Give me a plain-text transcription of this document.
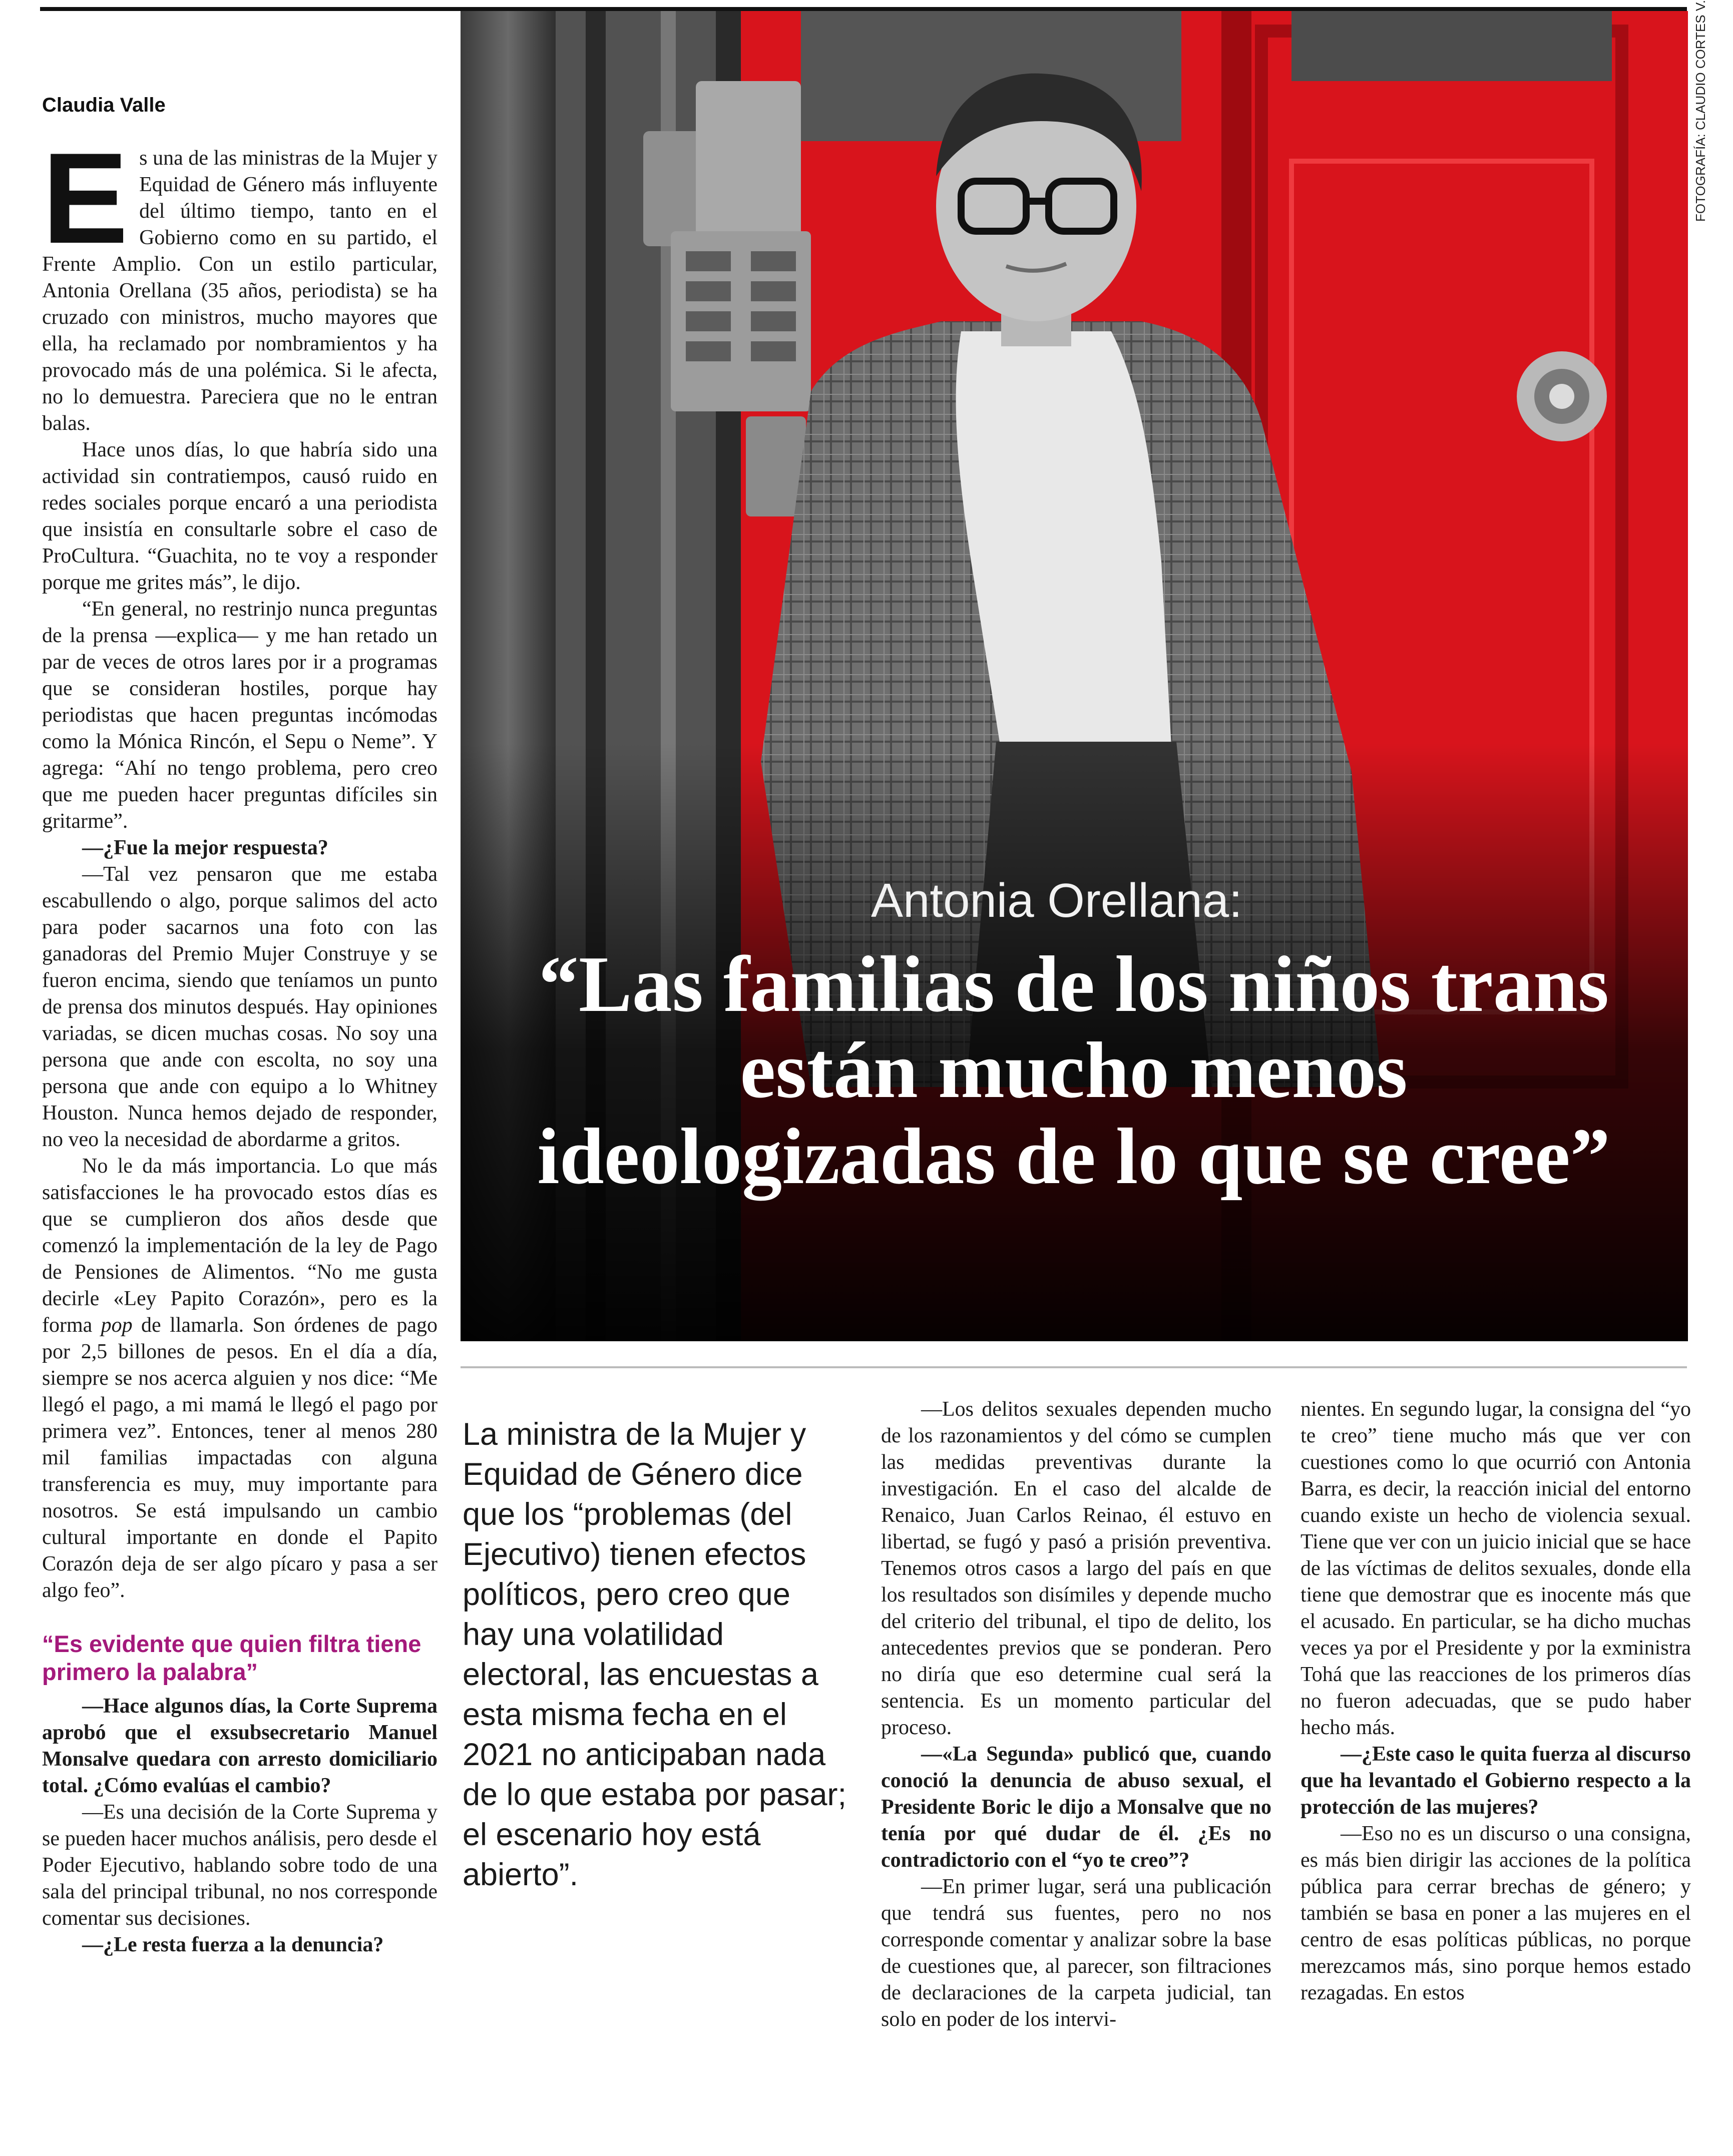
Claudia Valle

Es una de las ministras de la Mujer y Equidad de Género más influyente del último tiempo, tanto en el Gobierno como en su partido, el Frente Amplio. Con un estilo particular, Antonia Orellana (35 años, periodista) se ha cruzado con ministros, mucho mayores que ella, ha reclamado por nombramientos y ha provocado más de una polémica. Si le afecta, no lo demuestra. Pareciera que no le entran balas.

Hace unos días, lo que habría sido una actividad sin contratiempos, causó ruido en redes sociales porque encaró a una periodista que insistía en consultarle sobre el caso de ProCultura. “Guachita, no te voy a responder porque me grites más”, le dijo.

“En general, no restrinjo nunca preguntas de la prensa —explica— y me han retado un par de veces de otros lares por ir a programas que se consideran hostiles, porque hay periodistas que hacen preguntas incómodas como la Mónica Rincón, el Sepu o Neme”. Y agrega: “Ahí no tengo problema, pero creo que me pueden hacer preguntas difíciles sin gritarme”.

—¿Fue la mejor respuesta?

—Tal vez pensaron que me estaba escabullendo o algo, porque salimos del acto para poder sacarnos una foto con las ganadoras del Premio Mujer Construye y se fueron encima, siendo que teníamos un punto de prensa dos minutos después. Hay opiniones variadas, se dicen muchas cosas. No soy una persona que ande con escolta, no soy una persona que ande con equipo a lo Whitney Houston. Nunca hemos dejado de responder, no veo la necesidad de abordarme a gritos.

No le da más importancia. Lo que más satisfacciones le ha provocado estos días es que se cumplieron dos años desde que comenzó la implementación de la ley de Pago de Pensiones de Alimentos. “No me gusta decirle «Ley Papito Corazón», pero es la forma pop de llamarla. Son órdenes de pago por 2,5 billones de pesos. En el día a día, siempre se nos acerca alguien y nos dice: “Me llegó el pago, a mi mamá le llegó el pago por primera vez”. Entonces, tener al menos 280 mil familias impactadas con alguna transferencia es muy, muy importante para nosotros. Se está impulsando un cambio cultural importante en donde el Papito Corazón deja de ser algo pícaro y pasa a ser algo feo”.

“Es evidente que quien filtra tiene primero la palabra”

—Hace algunos días, la Corte Suprema aprobó que el exsubsecretario Manuel Monsalve quedara con arresto domiciliario total. ¿Cómo evalúas el cambio?

—Es una decisión de la Corte Suprema y se pueden hacer muchos análisis, pero desde el Poder Ejecutivo, hablando sobre todo de una sala del principal tribunal, no nos corresponde comentar sus decisiones.

—¿Le resta fuerza a la denuncia?

FOTOGRAFÍA: CLAUDIO CORTES V.
Antonia Orellana:
“Las familias de los niños trans están mucho menos ideologizadas de lo que se cree”
La ministra de la Mujer y Equidad de Género dice que los “problemas (del Ejecutivo) tienen efectos políticos, pero creo que hay una volatilidad electoral, las encuestas a esta misma fecha en el 2021 no anticipaban nada de lo que estaba por pasar; el escenario hoy está abierto”.

—Los delitos sexuales dependen mucho de los razonamientos y del cómo se cumplen las medidas preventivas durante la investigación. En el caso del alcalde de Renaico, Juan Carlos Reinao, él estuvo en libertad, se fugó y pasó a prisión preventiva. Tenemos otros casos a largo del país en que los resultados son disímiles y depende mucho del criterio del tribunal, el tipo de delito, los antecedentes previos que se ponderan. Pero no diría que eso determine cual será la sentencia. Es un momento particular del proceso.

—«La Segunda» publicó que, cuando conoció la denuncia de abuso sexual, el Presidente Boric le dijo a Monsalve que no tenía por qué dudar de él. ¿Es no contradictorio con el “yo te creo”?

—En primer lugar, será una publicación que tendrá sus fuentes, pero no nos corresponde comentar y analizar sobre la base de cuestiones que, al parecer, son filtraciones de declaraciones de la carpeta judicial, tan solo en poder de los intervi-

nientes. En segundo lugar, la consigna del “yo te creo” tiene mucho más que ver con cuestiones como lo que ocurrió con Antonia Barra, es decir, la reacción inicial del entorno cuando existe un hecho de violencia sexual. Tiene que ver con un juicio inicial que se hace de las víctimas de delitos sexuales, donde ella tiene que demostrar que es inocente más que el acusado. En particular, se ha dicho muchas veces ya por el Presidente y por la exministra Tohá que las reacciones de los primeros días no fueron adecuadas, que se pudo haber hecho más.

—¿Este caso le quita fuerza al discurso que ha levantado el Gobierno respecto a la protección de las mujeres?

—Eso no es un discurso o una consigna, es más bien dirigir las acciones de la política pública para cerrar brechas de género; y también se basa en poner a las mujeres en el centro de esas políticas públicas, no porque merezcamos más, sino porque hemos estado rezagadas. En estos
